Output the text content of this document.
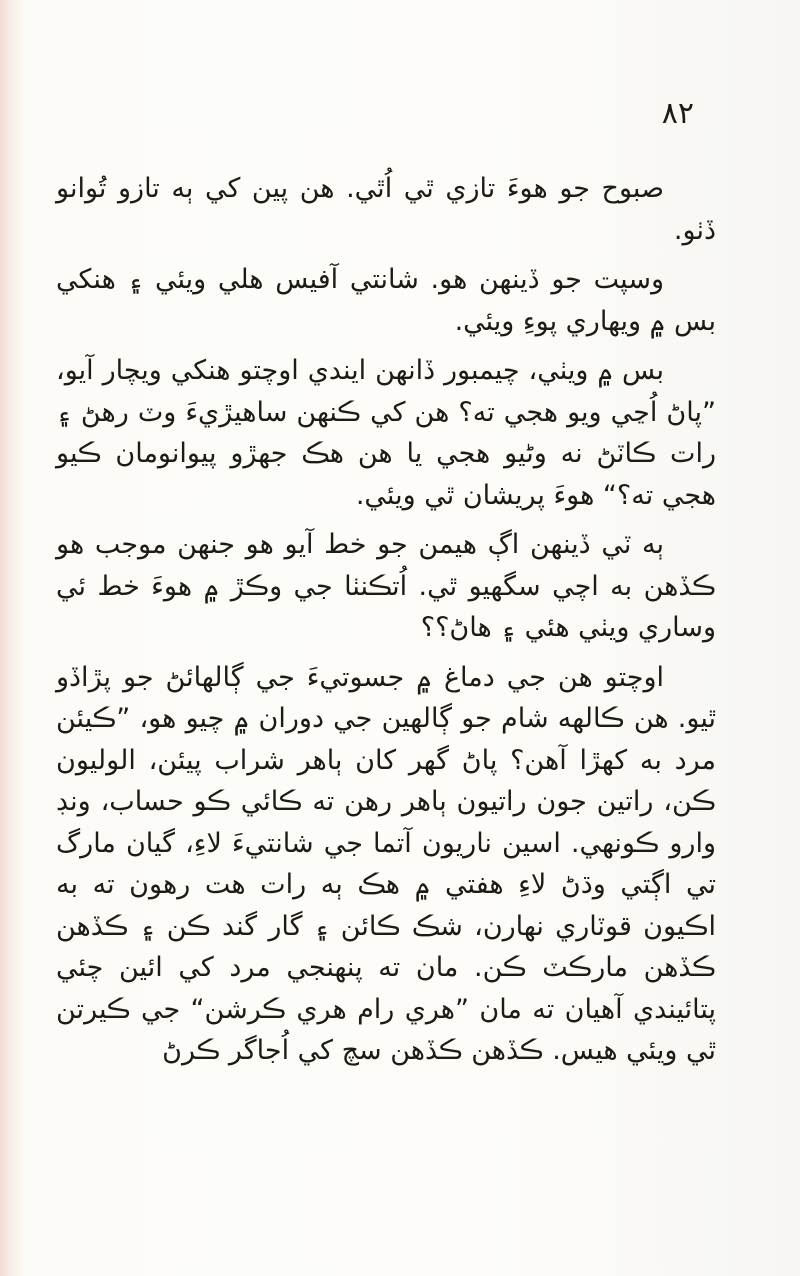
٨٢

صبوح جو هوءَ تازي ٿي اُٿي. هن پين کي ٻه تازو تُوانو ڏٺو.

وسپت جو ڏينهن هو. شانتي آفيس هلي ويئي ۽ هنکي بس ۾ ويهاري پوءِ ويئي.

بس ۾ ويٺي، چيمبور ڏانهن ايندي اوچتو هنکي ويچار آيو، ”پاڻ اُڃي ويو هجي ته؟ هن کي ڪنهن ساهيڙيءَ وٽ رهڻ ۽ رات ڪاٽڻ نه وڻيو هجي يا هن هڪ جهڙو پيوانومان ڪيو هجي ته؟“ هوءَ پريشان ٿي ويئي.

ٻه ٽي ڏينهن اڳ هيمن جو خط آيو هو جنهن موجب هو ڪڏهن به اچي سگهيو ٿي. اُتڪنٺا جي وڪڙ ۾ هوءَ خط ئي وساري ويٺي هئي ۽ هاڻ؟؟

اوچتو هن جي دماغ ۾ جسوتيءَ جي ڳالهائڻ جو پڙاڏو ٿيو. هن ڪالهه شام جو ڳالهين جي دوران ۾ چيو هو، ”ڪيئن مرد به کهڙا آهن؟ پاڻ گهر کان ٻاهر شراب پيئن، الوليون ڪن، راتين جون راتيون ٻاهر رهن ته ڪائي ڪو حساب، ونڊ وارو ڪونهي. اسين ناريون آتما جي شانتيءَ لاءِ، گيان مارگ تي اڳتي وڌڻ لاءِ هفتي ۾ هڪ ٻه رات هت رهون ته به اڪيون قوٽاري نهارن، شڪ ڪائن ۽ گار گند ڪن ۽ ڪڏهن ڪڏهن مارڪٽ ڪن. مان ته پنهنجي مرد کي ائين چئي پتائيندي آهيان ته مان ”هري رام هري ڪرشن“ جي ڪيرتن ٿي ويئي هيس. ڪڏهن ڪڏهن سچ کي اُجاگر ڪرڻ
